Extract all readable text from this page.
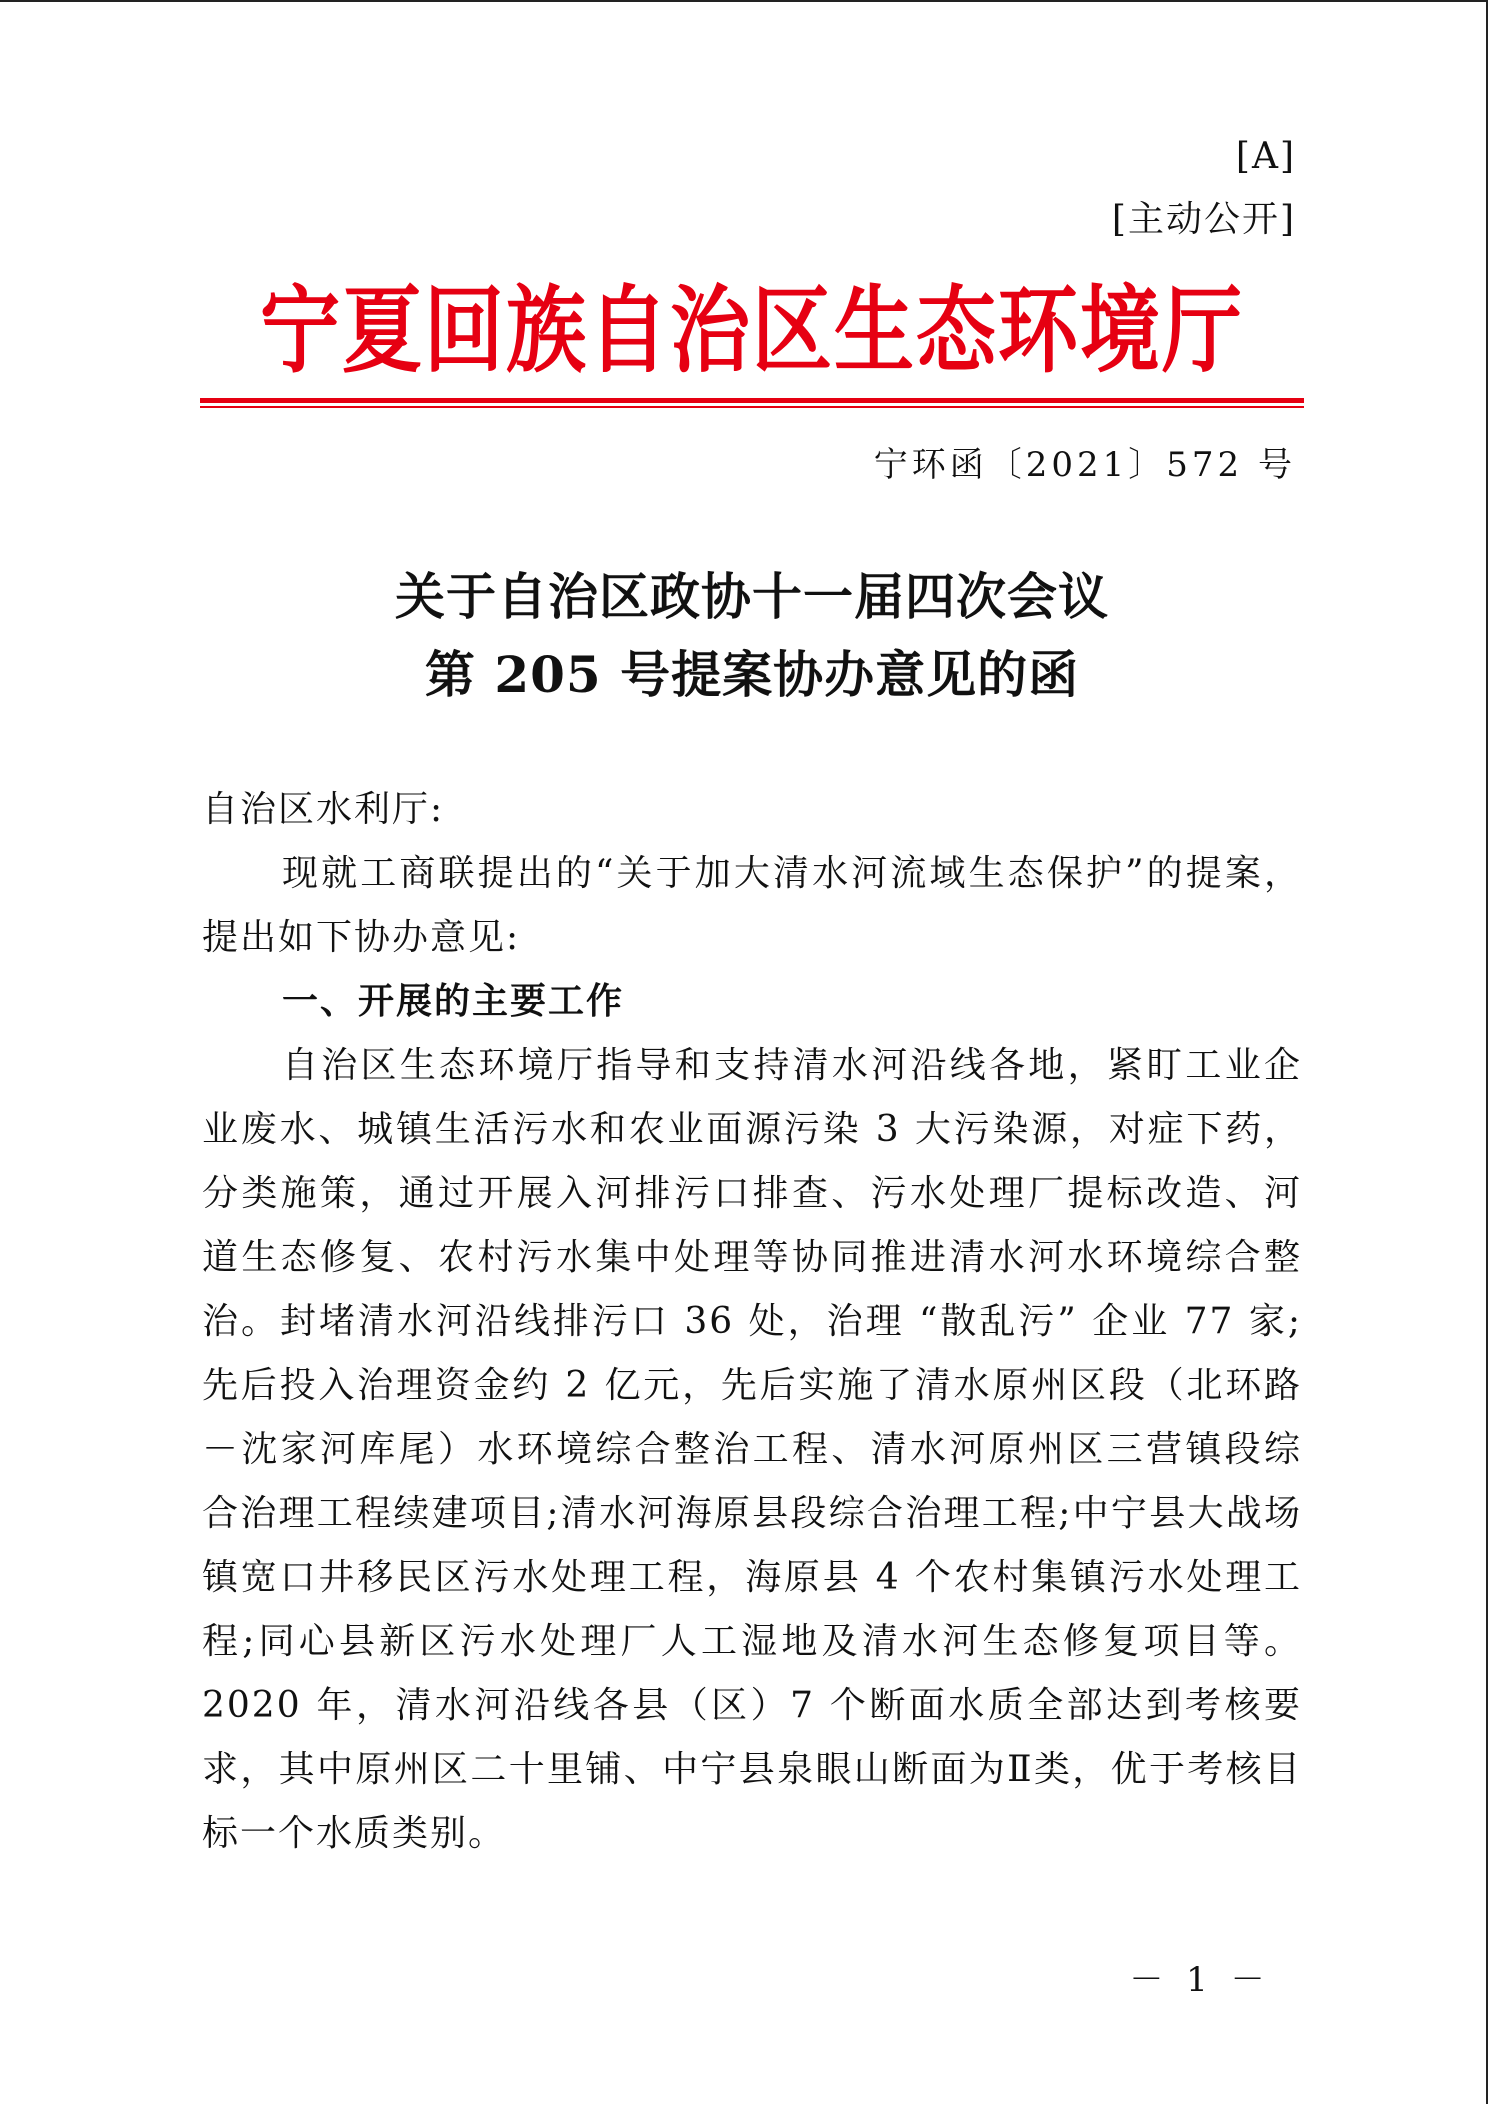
[A]
[主动公开]
宁夏回族自治区生态环境厅
宁环函〔2021〕572 号
关于自治区政协十一届四次会议
第 205 号提案协办意见的函
自治区水利厅:
现就工商联提出的“关于加大清水河流域生态保护”的提案，提出如下协办意见:
一、开展的主要工作
自治区生态环境厅指导和支持清水河沿线各地，紧盯工业企业废水、城镇生活污水和农业面源污染 3 大污染源，对症下药，分类施策，通过开展入河排污口排查、污水处理厂提标改造、河道生态修复、农村污水集中处理等协同推进清水河水环境综合整治。封堵清水河沿线排污口 36 处，治理 “散乱污” 企业 77 家;先后投入治理资金约 2 亿元，先后实施了清水原州区段（北环路－沈家河库尾）水环境综合整治工程、清水河原州区三营镇段综合治理工程续建项目;清水河海原县段综合治理工程;中宁县大战场镇宽口井移民区污水处理工程，海原县 4 个农村集镇污水处理工程;同心县新区污水处理厂人工湿地及清水河生态修复项目等。2020 年，清水河沿线各县（区）7 个断面水质全部达到考核要求，其中原州区二十里铺、中宁县泉眼山断面为Ⅱ类，优于考核目标一个水质类别。
－ 1 －
